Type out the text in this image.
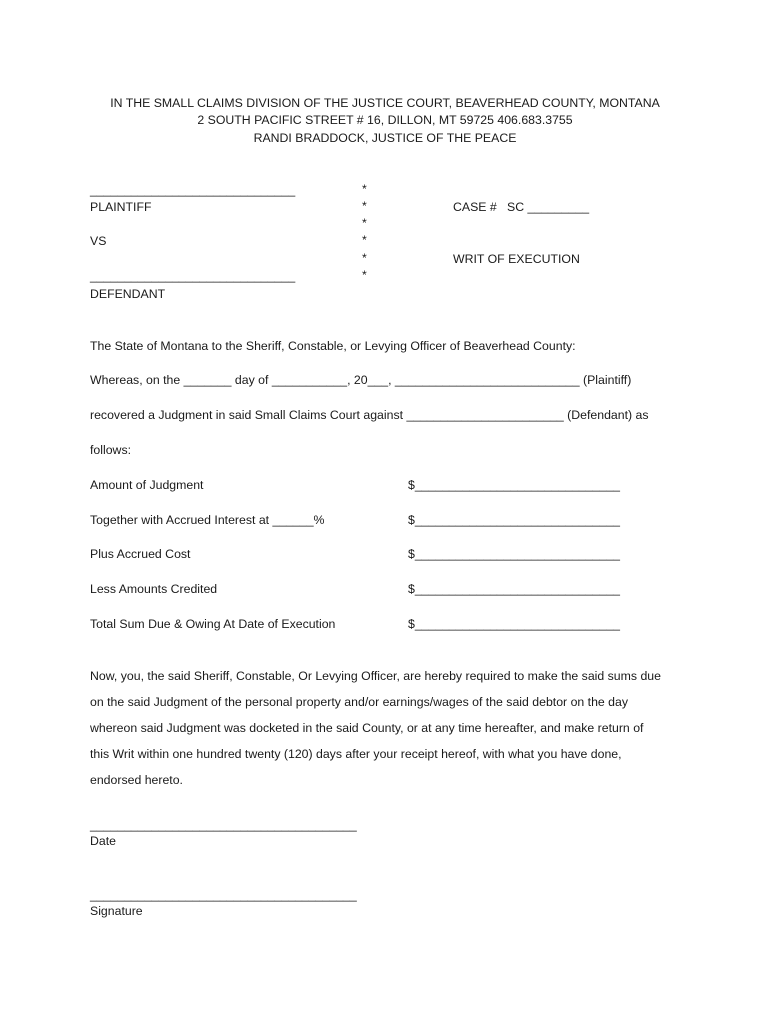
IN THE SMALL CLAIMS DIVISION OF THE JUSTICE COURT, BEAVERHEAD COUNTY, MONTANA
2 SOUTH PACIFIC STREET # 16, DILLON, MT 59725 406.683.3755
RANDI BRADDOCK, JUSTICE OF THE PEACE
______________________________
PLAINTIFF
VS
______________________________
DEFENDANT
*
*
*
*
*
*
CASE #   SC _________
WRIT OF EXECUTION
The State of Montana to the Sheriff, Constable, or Levying Officer of Beaverhead County:
Whereas, on the _______ day of ___________, 20___, ___________________________ (Plaintiff)
recovered a Judgment in said Small Claims Court against _______________________ (Defendant) as
follows:
Amount of Judgment	$______________________________
Together with Accrued Interest at ______%	$______________________________
Plus Accrued Cost	$______________________________
Less Amounts Credited	$______________________________
Total Sum Due & Owing At Date of Execution	$______________________________
Now, you, the said Sheriff, Constable, Or Levying Officer, are hereby required to make the said sums due
on the said Judgment of the personal property and/or earnings/wages of the said debtor on the day
whereon said Judgment was docketed in the said County, or at any time hereafter, and make return of
this Writ within one hundred twenty (120) days after your receipt hereof, with what you have done,
endorsed hereto.
_______________________________________
Date
_______________________________________
Signature
